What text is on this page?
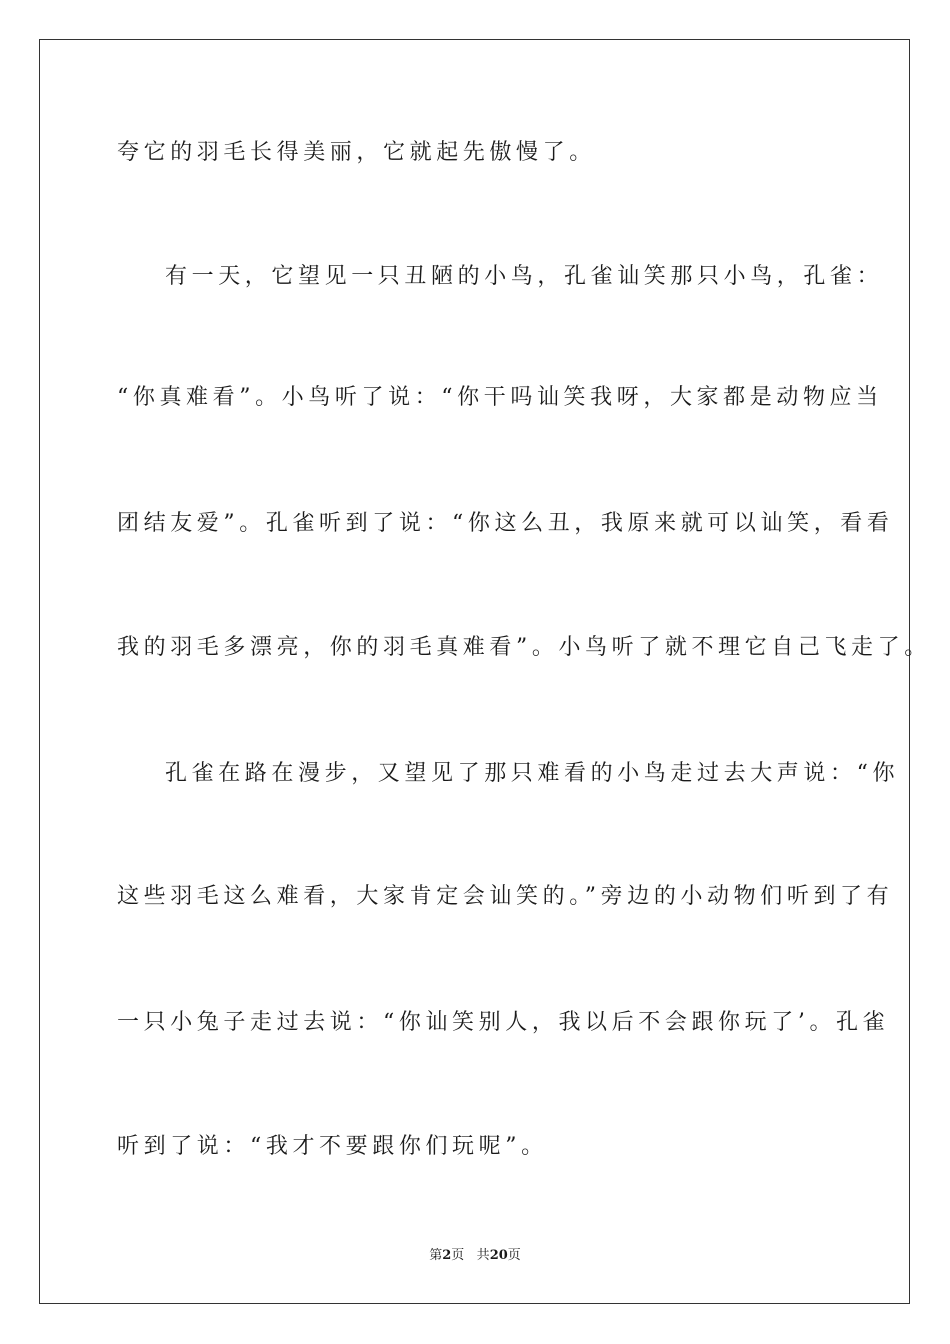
夸它的羽毛长得美丽，它就起先傲慢了。
有一天，它望见一只丑陋的小鸟，孔雀讪笑那只小鸟，孔雀：
“你真难看”。小鸟听了说：“你干吗讪笑我呀，大家都是动物应当
团结友爱”。孔雀听到了说：“你这么丑，我原来就可以讪笑，看看
我的羽毛多漂亮，你的羽毛真难看”。小鸟听了就不理它自己飞走了。
孔雀在路在漫步，又望见了那只难看的小鸟走过去大声说：“你
这些羽毛这么难看，大家肯定会讪笑的。”旁边的小动物们听到了有
一只小兔子走过去说：“你讪笑别人，我以后不会跟你玩了’。孔雀
听到了说：“我才不要跟你们玩呢”。
第2页 共20页
